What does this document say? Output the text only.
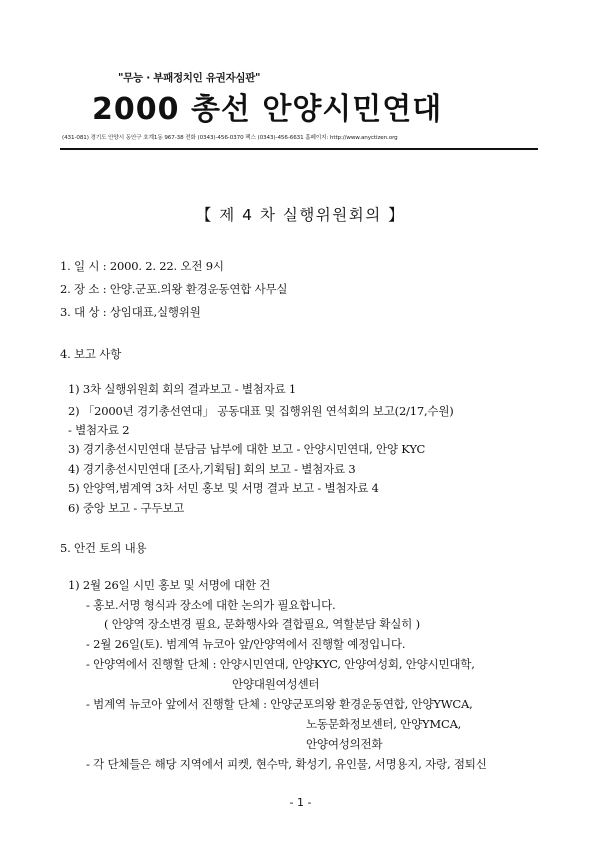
"무능 · 부패정치인 유권자심판"
2000 총선 안양시민연대
(431-081) 경기도 안양시 동안구 호계1동 967-38 전화 (0343)-456-0370 팩스 (0343)-456-6631 홈페이지: http://www.anyctizen.org
【 제 4 차 실행위원회의 】
1. 일 시 : 2000. 2. 22. 오전 9시
2. 장 소 : 안양.군포.의왕 환경운동연합 사무실
3. 대 상 : 상임대표,실행위원
4. 보고 사항
1) 3차 실행위원회 회의 결과보고 - 별첨자료 1
2) 「2000년 경기총선연대」 공동대표 및 집행위원 연석회의 보고(2/17,수원)
- 별첨자료 2
3) 경기총선시민연대 분담금 납부에 대한 보고 - 안양시민연대, 안양 KYC
4) 경기총선시민연대 [조사,기획팀] 회의 보고 - 별첨자료 3
5) 안양역,범계역 3차 서민 홍보 및 서명 결과 보고 - 별첨자료 4
6) 중앙 보고 - 구두보고
5. 안건 토의 내용
1) 2월 26일 시민 홍보 및 서명에 대한 건
- 홍보.서명 형식과 장소에 대한 논의가 필요합니다.
( 안양역 장소변경 필요, 문화행사와 결합필요, 역할분담 확실히 )
- 2월 26일(토). 범계역 뉴코아 앞/안양역에서 진행할 예정입니다.
- 안양역에서 진행할 단체 : 안양시민연대, 안양KYC, 안양여성회, 안양시민대학,
안양대원여성센터
- 범계역 뉴코아 앞에서 진행할 단체 : 안양군포의왕 환경운동연합, 안양YWCA,
노동문화정보센터, 안양YMCA,
안양여성의전화
- 각 단체들은 해당 지역에서 피켓, 현수막, 확성기, 유인물, 서명용지, 자랑, 점퇴신
- 1 -
